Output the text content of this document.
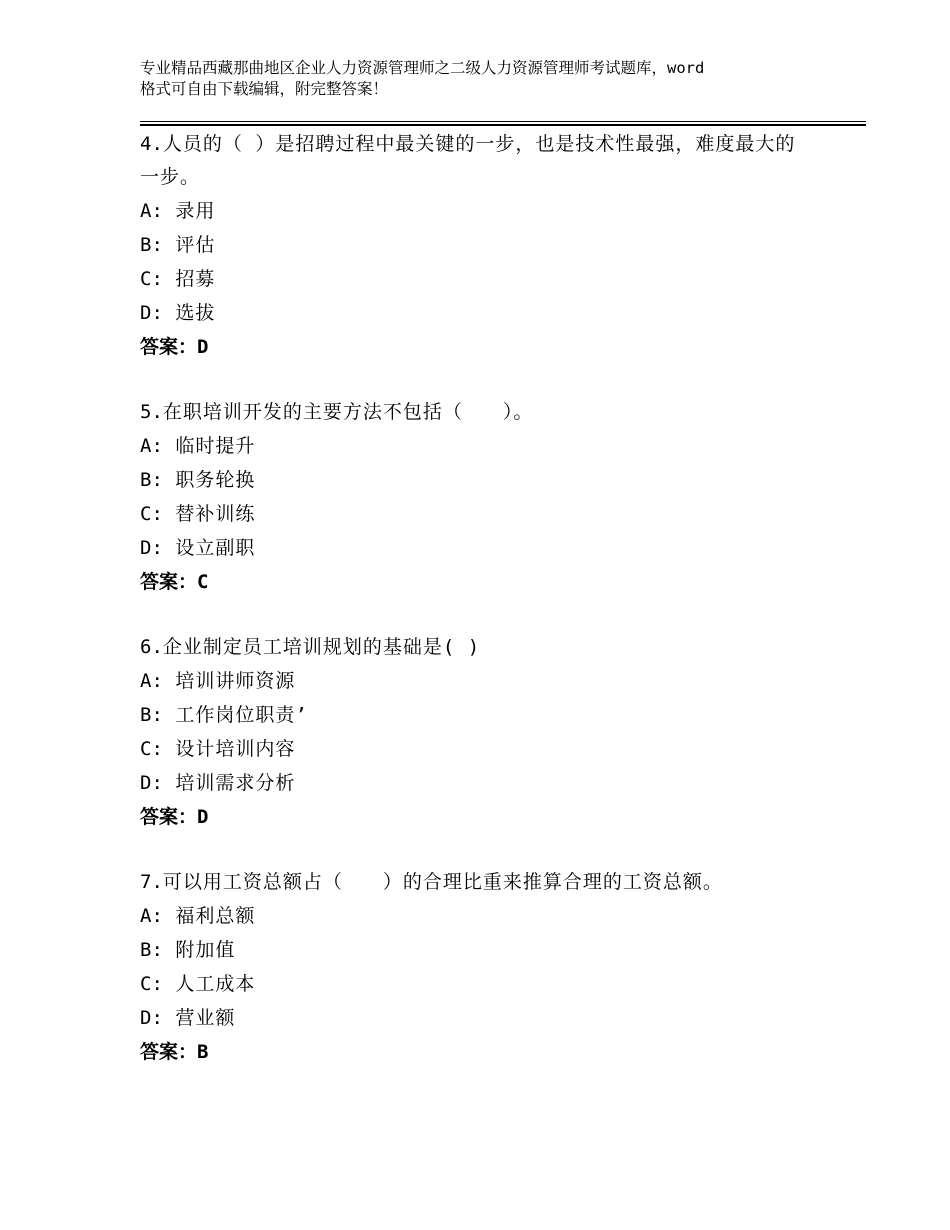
专业精品西藏那曲地区企业人力资源管理师之二级人力资源管理师考试题库，word
格式可自由下载编辑，附完整答案！

4.人员的（ ）是招聘过程中最关键的一步，也是技术性最强，难度最大的一步。

A: 录用
B: 评估
C: 招募
D: 选拔
答案：D

5.在职培训开发的主要方法不包括（　　）。

A: 临时提升
B: 职务轮换
C: 替补训练
D: 设立副职
答案：C

6.企业制定员工培训规划的基础是( )

A: 培训讲师资源
B: 工作岗位职责’
C: 设计培训内容
D: 培训需求分析
答案：D

7.可以用工资总额占（　　）的合理比重来推算合理的工资总额。

A: 福利总额
B: 附加值
C: 人工成本
D: 营业额
答案：B
